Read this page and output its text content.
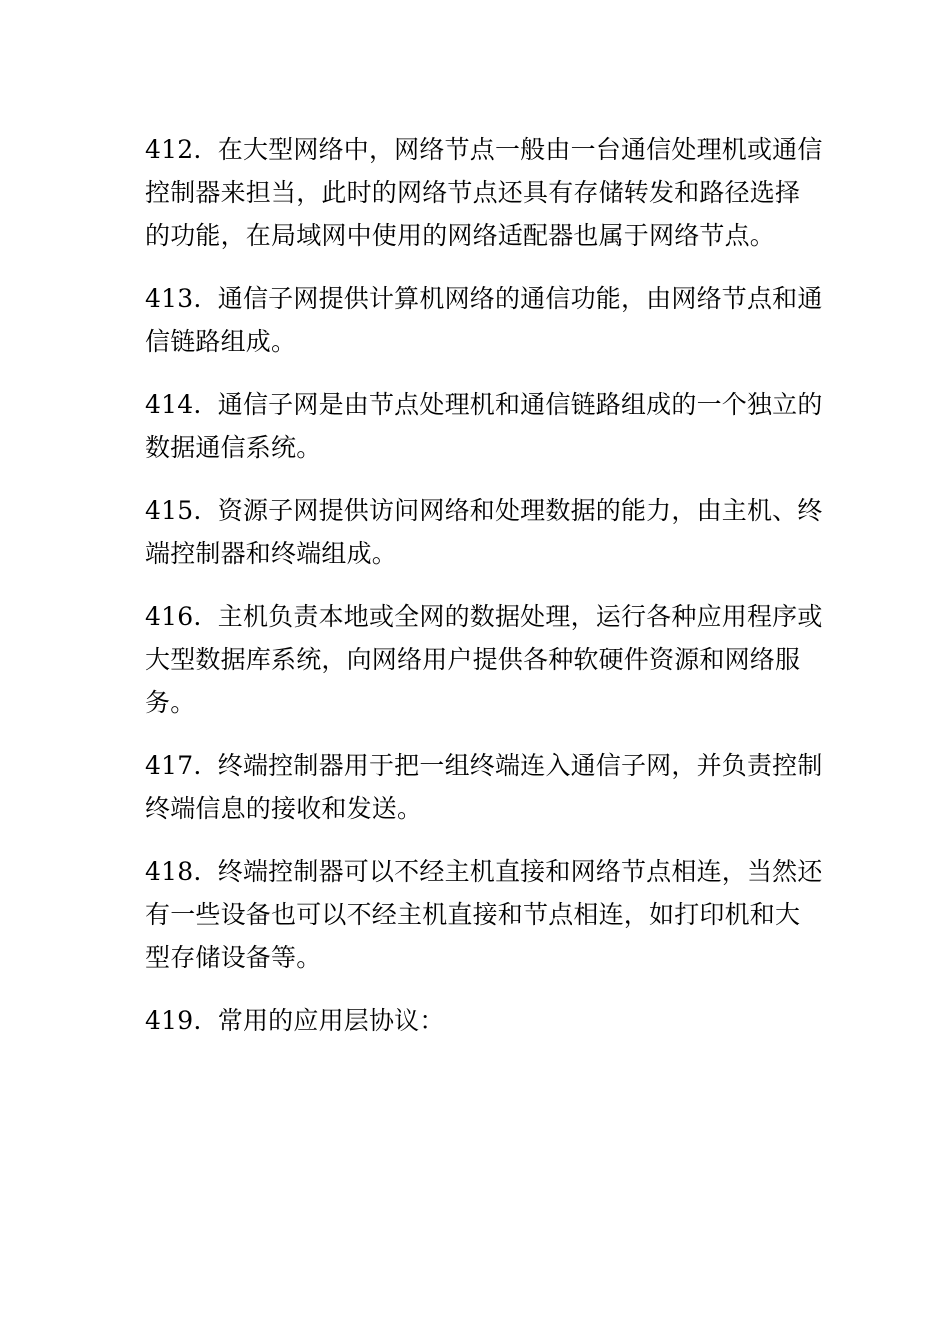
412. 在大型网络中，网络节点一般由一台通信处理机或通信控制器来担当，此时的网络节点还具有存储转发和路径选择的功能，在局域网中使用的网络适配器也属于网络节点。

413. 通信子网提供计算机网络的通信功能，由网络节点和通信链路组成。

414. 通信子网是由节点处理机和通信链路组成的一个独立的数据通信系统。

415. 资源子网提供访问网络和处理数据的能力，由主机、终端控制器和终端组成。

416. 主机负责本地或全网的数据处理，运行各种应用程序或大型数据库系统，向网络用户提供各种软硬件资源和网络服务。

417. 终端控制器用于把一组终端连入通信子网，并负责控制终端信息的接收和发送。

418. 终端控制器可以不经主机直接和网络节点相连，当然还有一些设备也可以不经主机直接和节点相连，如打印机和大型存储设备等。

419. 常用的应用层协议：
